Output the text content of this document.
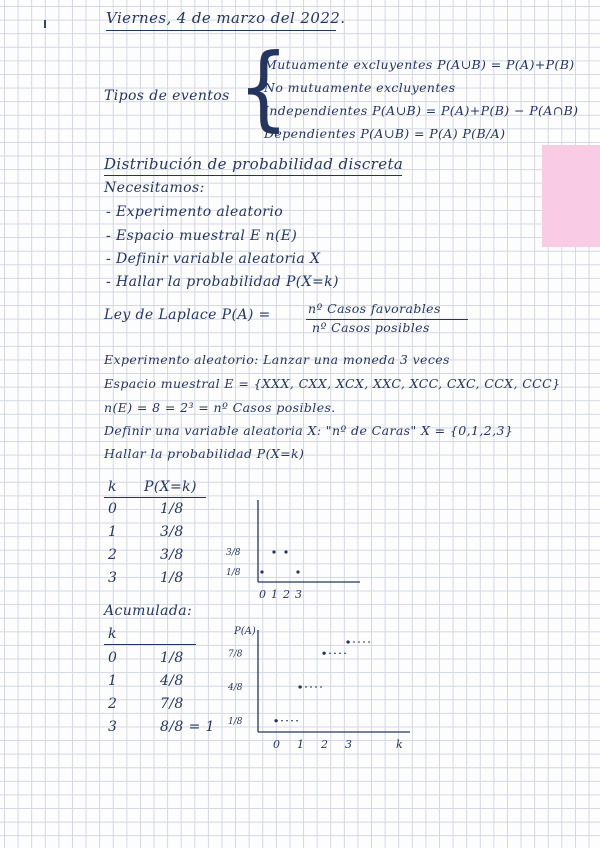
Viernes, 4 de marzo del 2022.
Tipos de eventos {
Mutuamente excluyentes P(A∪B) = P(A)+P(B)
No mutuamente excluyentes
Independientes P(A∪B) = P(A)+P(B) − P(A∩B)
Dependientes P(A∪B) = P(A) P(B/A)
Distribución de probabilidad discreta
Necesitamos:
- Experimento aleatorio
- Espacio muestral E n(E)
- Definir variable aleatoria X
- Hallar la probabilidad P(X=k)
Ley de Laplace P(A) =	nº Casos favorables
nº Casos posibles
Experimento aleatorio: Lanzar una moneda 3 veces
Espacio muestral E = {XXX, CXX, XCX, XXC, XCC, CXC, CCX, CCC}
n(E) = 8 = 2³ = nº Casos posibles.
Definir una variable aleatoria X: "nº de Caras" X = {0,1,2,3}
Hallar la probabilidad P(X=k)
k P(X=k)
0	1/8
1	3/8
2	3/8
3	1/8
Acumulada:
k
0	1/8
1	4/8
2	7/8
3	8/8 = 1
3/8
1/8
0 1 2 3
P(A)
k
7/8
4/8
1/8
0 1 2 3
